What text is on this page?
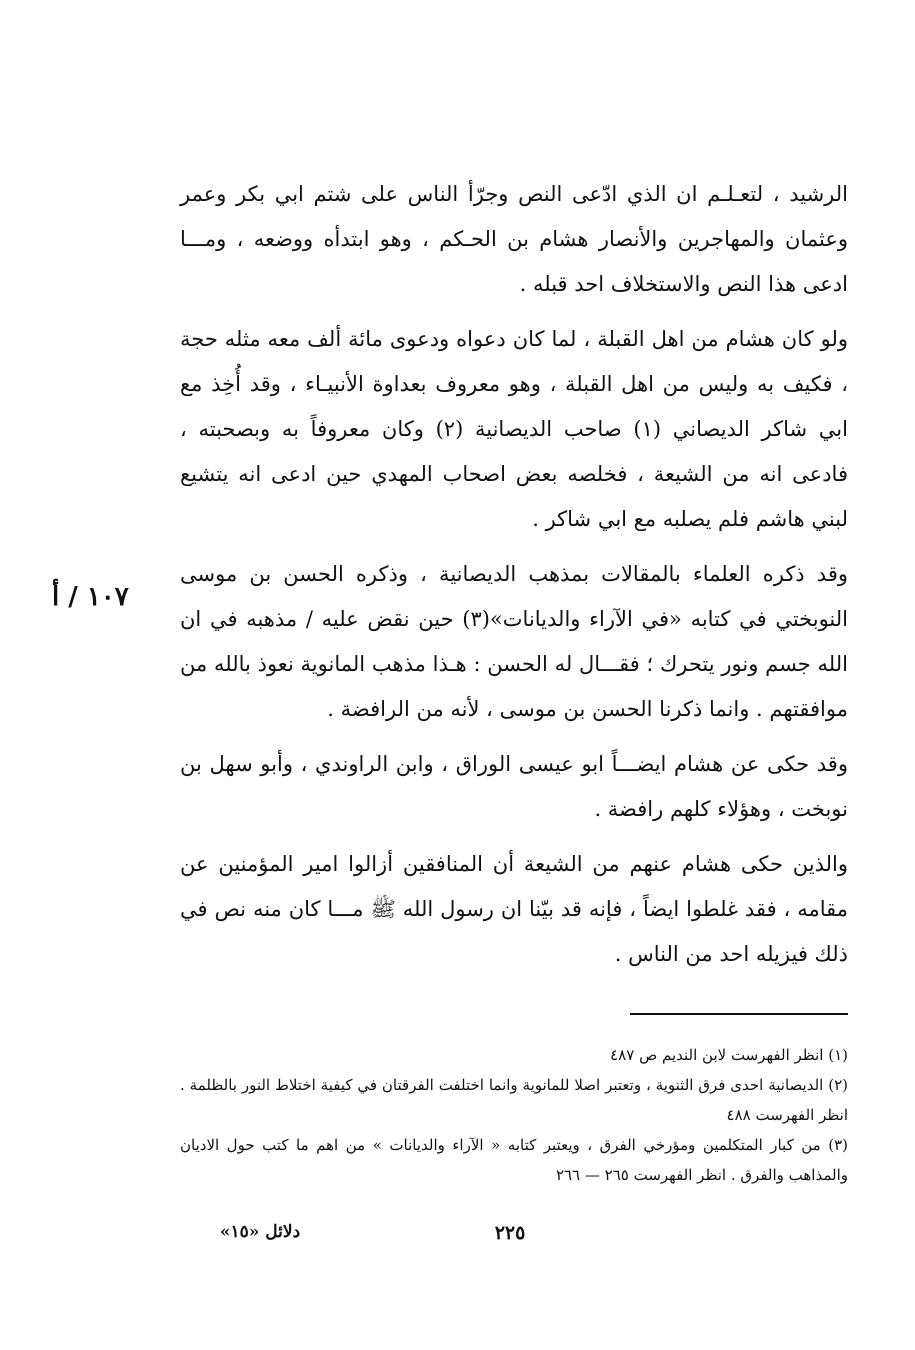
الرشيد ، لتعـلـم ان الذي ادّعى النص وجرّأ الناس على شتم ابي بكر وعمر وعثمان والمهاجرين والأنصار هشام بن الحـكم ، وهو ابتدأه ووضعه ، ومـــا ادعى هذا النص والاستخلاف احد قبله .

ولو كان هشام من اهل القبلة ، لما كان دعواه ودعوى مائة ألف معه مثله حجة ، فكيف به وليس من اهل القبلة ، وهو معروف بعداوة الأنبيـاء ، وقد أُخِذ مع ابي شاكر الديصاني (١) صاحب الديصانية (٢) وكان معروفاً به وبصحبته ، فادعى انه من الشيعة ، فخلصه بعض اصحاب المهدي حين ادعى انه يتشيع لبني هاشم فلم يصلبه مع ابي شاكر .

وقد ذكره العلماء بالمقالات بمذهب الديصانية ، وذكره الحسن بن موسى النوبختي في كتابه «في الآراء والديانات»(٣) حين نقض عليه / مذهبه في ان الله جسم ونور يتحرك ؛ فقـــال له الحسن : هـذا مذهب المانوية نعوذ بالله من موافقتهم . وانما ذكرنا الحسن بن موسى ، لأنه من الرافضة .

وقد حكى عن هشام ايضـــاً ابو عيسى الوراق ، وابن الراوندي ، وأبو سهل بن نوبخت ، وهؤلاء كلهم رافضة .

والذين حكى هشام عنهم من الشيعة أن المنافقين أزالوا امير المؤمنين عن مقامه ، فقد غلطوا ايضاً ، فإنه قد بيّنا ان رسول الله ﷺ مـــا كان منه نص في ذلك فيزيله احد من الناس .

١٠٧ / أ

(١) انظر الفهرست لابن النديم ص ٤٨٧

(٢) الديصانية احدى فرق الثنوية ، وتعتبر اصلا للمانوية وانما اختلفت الفرقتان في كيفية اختلاط النور بالظلمة . انظر الفهرست ٤٨٨

(٣) من كبار المتكلمين ومؤرخي الفرق ، ويعتبر كتابه « الآراء والديانات » من اهم ما كتب حول الاديان والمذاهب والفرق . انظر الفهرست ٢٦٥ — ٢٦٦

٢٢٥
دلائل «١٥»
